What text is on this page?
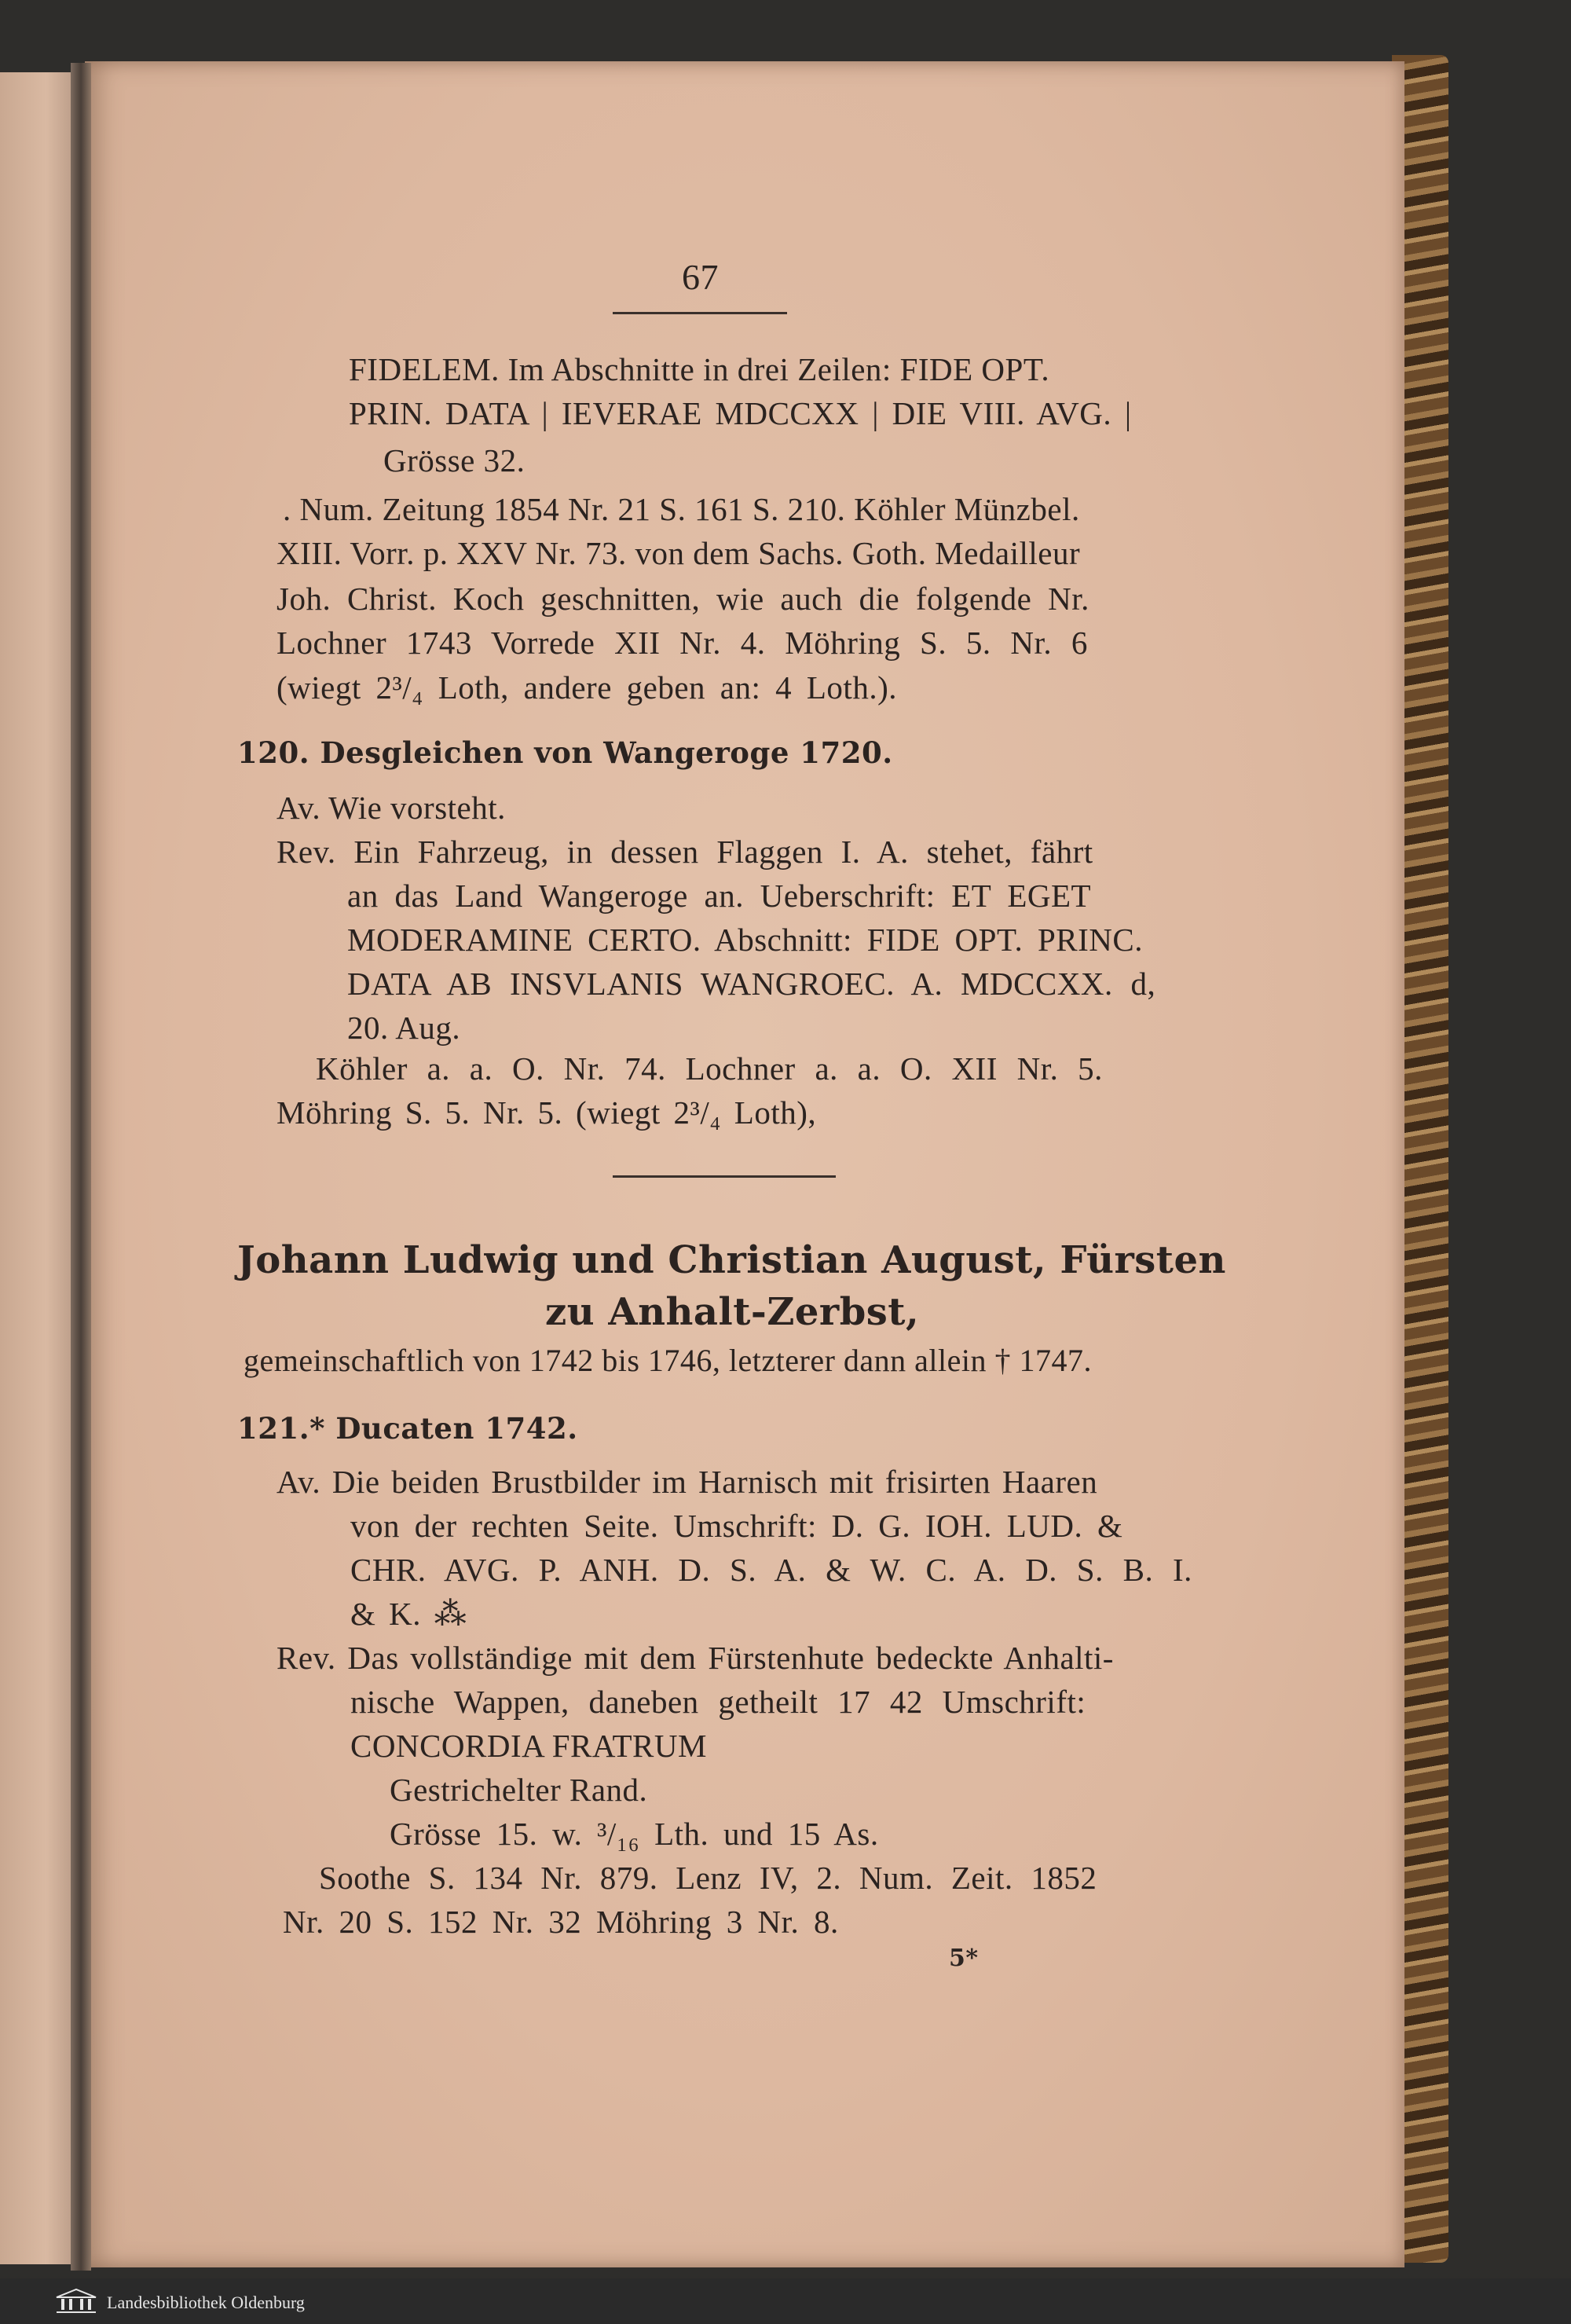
67

FIDELEM. Im Abschnitte in drei Zeilen: FIDE OPT.

PRIN. DATA | IEVERAE MDCCXX | DIE VIII. AVG. |

Grösse 32.

. Num. Zeitung 1854 Nr. 21 S. 161 S. 210. Köhler Münzbel.

XIII. Vorr. p. XXV Nr. 73. von dem Sachs. Goth. Medailleur

Joh. Christ. Koch geschnitten, wie auch die folgende Nr.

Lochner 1743 Vorrede XII Nr. 4. Möhring S. 5. Nr. 6

(wiegt 2³/₄ Loth, andere geben an: 4 Loth.).

120. Desgleichen von Wangeroge 1720.

Av. Wie vorsteht.

Rev. Ein Fahrzeug, in dessen Flaggen I. A. stehet, fährt

an das Land Wangeroge an. Ueberschrift: ET EGET

MODERAMINE CERTO. Abschnitt: FIDE OPT. PRINC.

DATA AB INSVLANIS WANGROEC. A. MDCCXX. d,

20. Aug.

Köhler a. a. O. Nr. 74. Lochner a. a. O. XII Nr. 5.

Möhring S. 5. Nr. 5. (wiegt 2³/₄ Loth),

Johann Ludwig und Christian August, Fürsten

zu Anhalt-Zerbst,

gemeinschaftlich von 1742 bis 1746, letzterer dann allein † 1747.

121.* Ducaten 1742.

Av. Die beiden Brustbilder im Harnisch mit frisirten Haaren

von der rechten Seite. Umschrift: D. G. IOH. LUD. &

CHR. AVG. P. ANH. D. S. A. & W. C. A. D. S. B. I.

& K. ⁂

Rev. Das vollständige mit dem Fürstenhute bedeckte Anhalti-

nische Wappen, daneben getheilt 17 42 Umschrift:

CONCORDIA FRATRUM

Gestrichelter Rand.

Grösse 15. w. ³/₁₆ Lth. und 15 As.

Soothe S. 134 Nr. 879. Lenz IV, 2. Num. Zeit. 1852

Nr. 20 S. 152 Nr. 32 Möhring 3 Nr. 8.

5*

Landesbibliothek Oldenburg
